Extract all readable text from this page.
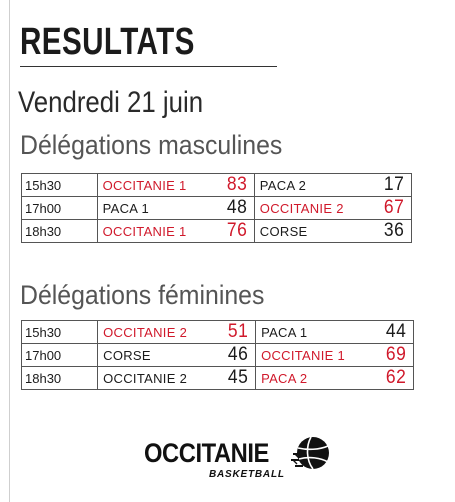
RESULTATS
Vendredi 21 juin
Délégations masculines
15h30	OCCITANIE 1 83	PACA 2 17

17h00	PACA 1 48	OCCITANIE 2 67

18h30	OCCITANIE 1 76	CORSE 36
Délégations féminines
15h30	OCCITANIE 2 51	PACA 1 44

17h00	CORSE 46	OCCITANIE 1 69

18h30	OCCITANIE 2 45	PACA 2 62
OCCITANIE
BASKETBALL
